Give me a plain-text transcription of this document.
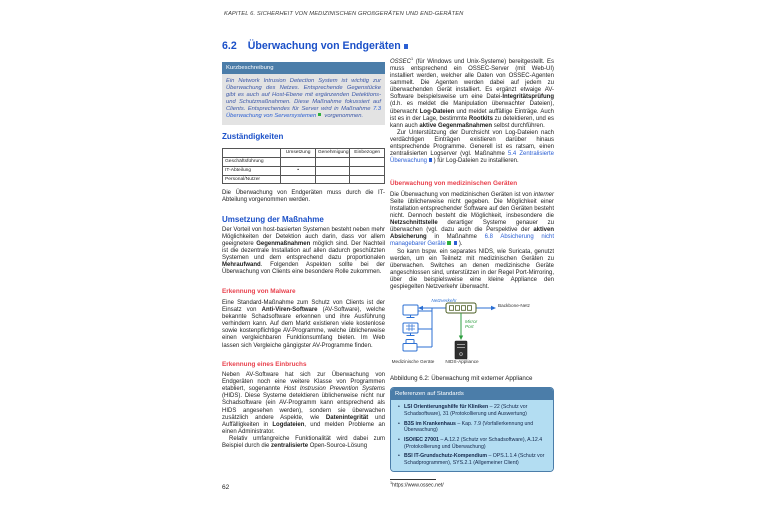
KAPITEL 6. SICHERHEIT VON MEDIZINISCHEN GROßGERÄTEN UND END-GERÄTEN
6.2 Überwachung von Endgeräten
Kurzbeschreibung
Ein Network Intrusion Detection System ist wichtig zur Überwachung des Netzes. Entsprechende Gegenstücke gibt es auch auf Host-Ebene mit ergänzenden Detektions- und Schutzmaßnahmen. Diese Maßnahme fokussiert auf Clients. Entsprechendes für Server wird in Maßnahme 7.3 Überwachung von Serversystemen vorgenommen.
Zuständigkeiten
	Umsetzung	Genehmigung	Einbezogen
Geschäftsführung			
IT-Abteilung	•		
Personal/Nutzer			

Die Überwachung von Endgeräten muss durch die IT-Abteilung vorgenommen werden.

Umsetzung der Maßnahme

Der Vorteil von host-basierten Systemen besteht neben mehr Möglichkeiten der Detektion auch darin, dass vor allem geeignetere Gegenmaßnahmen möglich sind. Der Nachteil ist die dezentrale Installation auf allen dadurch geschützten Systemen und dem entsprechend dazu proportionalen Mehraufwand. Folgenden Aspekten sollte bei der Überwachung von Clients eine besondere Rolle zukommen.

Erkennung von Malware

Eine Standard-Maßnahme zum Schutz von Clients ist der Einsatz von Anti-Viren-Software (AV-Software), welche bekannte Schadsoftware erkennen und ihre Ausführung verhindern kann. Auf dem Markt existieren viele kostenlose sowie kostenpflichtige AV-Programme, welche üblicherweise einen vergleichbaren Funktionsumfang bieten. Im Web lassen sich Vergleiche gängigster AV-Programme finden.

Erkennung eines Einbruchs

Neben AV-Software hat sich zur Überwachung von Endgeräten noch eine weitere Klasse von Programmen etabliert, sogenannte Host Instrusion Prevention Systems (HIDS). Diese Systeme detektieren üblicherweise nicht nur Schadsoftware (ein AV-Programm kann entsprechend als HIDS angesehen werden), sondern sie überwachen zusätzlich andere Aspekte, wie Datenintegrität und Auffälligkeiten in Logdateien, und melden Probleme an einen Administrator.

Relativ umfangreiche Funktionalität wird dabei zum Beispiel durch die zentralisierte Open-Source-Lösung

OSSEC$^1$ (für Windows und Unix-Systeme) bereitgestellt. Es muss entsprechend ein OSSEC-Server (mit Web-UI) installiert werden, welcher alle Daten von OSSEC-Agenten sammelt. Die Agenten werden dabei auf jedem zu überwachenden Gerät installiert. Es ergänzt etwaige AV-Software beispielsweise um eine Datei-Integritätsprüfung (d.h. es meldet die Manipulation überwachter Dateien), überwacht Log-Dateien und meldet auffällige Einträge. Auch ist es in der Lage, bestimmte Rootkits zu detektieren, und es kann auch aktive Gegenmaßnahmen selbst durchführen.

Zur Unterstützung der Durchsicht von Log-Dateien nach verdächtigen Einträgen existieren darüber hinaus entsprechende Programme. Generell ist es ratsam, einen zentralisierten Logserver (vgl. Maßnahme 5.4 Zentralisierte Überwachung ) für Log-Dateien zu installieren.

Überwachung von medizinischen Geräten

Die Überwachung von medizinischen Geräten ist von interner Seite üblicherweise nicht gegeben. Die Möglichkeit einer Installation entsprechender Software auf den Geräten besteht nicht. Dennoch besteht die Möglichkeit, insbesondere die Netzschnittstelle derartiger Systeme genauer zu überwachen (vgl. dazu auch die Perspektive der aktiven Absicherung in Maßnahme 6.8 Absicherung nicht managebarer Geräte ).

So kann bspw. ein separates NIDS, wie Suricata, genutzt werden, um ein Teilnetz mit medizinischen Geräten zu überwachen. Switches an denen medizinische Geräte angeschlossen sind, unterstützen in der Regel Port-Mirroring, über die beispielsweise eine kleine Appliance den gespiegelten Netzverkehr überwacht.

Netzverkehr
Backbone-Netz
Mirror Port
Medizinische Geräte	NIDS-Appliance
Abbildung 6.2: Überwachung mit externer Appliance
Referenzen auf Standards
• LSI Orientierungshilfe für Kliniken – 22 (Schutz vor Schadsoftware), 31 (Protokollierung und Auswertung)
• B3S im Krankenhaus – Kap. 7.9 (Vorfallerkennung und Überwachung)
• ISO/IEC 27001 – A.12.2 (Schutz vor Schadsoftware), A.12.4 (Protokollierung und Überwachung)
• BSI IT-Grundschutz-Kompendium – OPS.1.1.4 (Schutz vor Schadprogrammen), SYS.2.1 (Allgemeiner Client)
$^1$https://www.ossec.net/
62
